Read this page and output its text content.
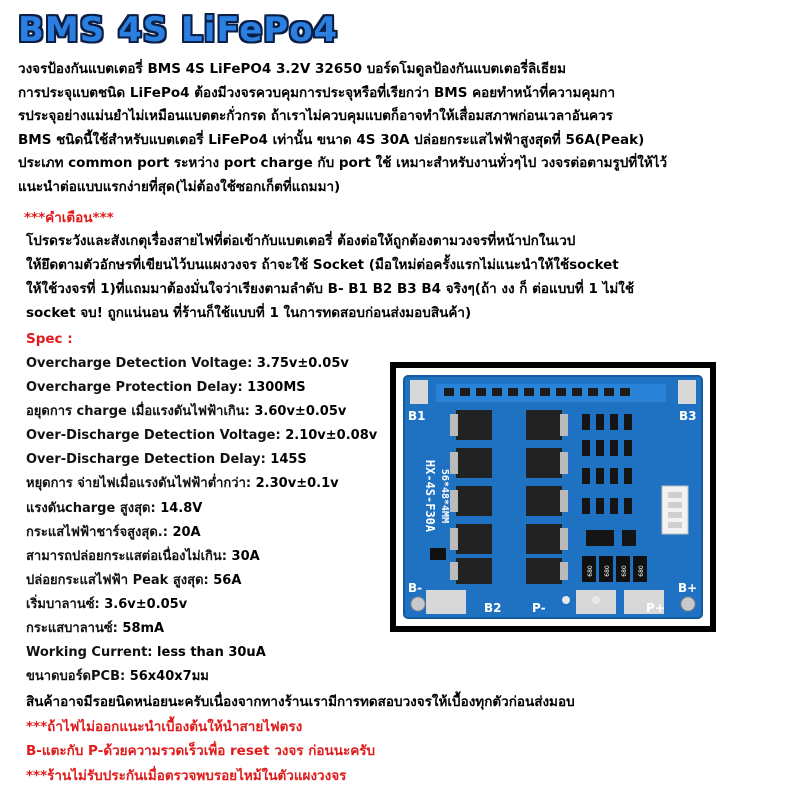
BMS 4S LiFePo4

วงจรป้องกันแบตเตอรี่ BMS 4S LiFePO4 3.2V 32650 บอร์ดโมดูลป้องกันแบตเตอรี่ลิเธียม

การประจุแบตชนิด LiFePo4 ต้องมีวงจรควบคุมการประจุหรือที่เรียกว่า BMS คอยทำหน้าที่ความคุมกา

รประจุอย่างแม่นยำไม่เหมือนแบตตะกั่วกรด ถ้าเราไม่ควบคุมแบตก็อาจทำให้เสื่อมสภาพก่อนเวลาอันควร

BMS ชนิดนี้ใช้สำหรับแบตเตอรี่ LiFePo4 เท่านั้น ขนาด 4S 30A ปล่อยกระแสไฟฟ้าสูงสุดที่ 56A(Peak)

ประเภท common port ระหว่าง port charge กับ port ใช้ เหมาะสำหรับงานทั่วๆไป วงจรต่อตามรูปที่ให้ไว้

แนะนำต่อแบบแรกง่ายที่สุด(ไม่ต้องใช้ซอกเก็ตที่แถมมา)

***คำเตือน***

โปรดระวังและสังเกตุเรื่องสายไฟที่ต่อเข้ากับแบตเตอรี่ ต้องต่อให้ถูกต้องตามวงจรที่หน้าปกในเวป

ให้ยึดตามตัวอักษรที่เขียนไว้บนแผงวงจร ถ้าจะใช้ Socket (มือใหม่ต่อครั้งแรกไม่แนะนำให้ใช้socket

ให้ใช้วงจรที่ 1)ที่แถมมาต้องมั่นใจว่าเรียงตามลำดับ B- B1 B2 B3 B4 จริงๆ(ถ้า งง ก็ ต่อแบบที่ 1 ไม่ใช้

socket จบ! ถูกแน่นอน ที่ร้านก็ใช้แบบที่ 1 ในการทดสอบก่อนส่งมอบสินค้า)

Spec :
Overcharge Detection Voltage: 3.75v±0.05v
Overcharge Protection Delay: 1300MS
อยุดการ charge เมื่อแรงดันไฟฟ้าเกิน: 3.60v±0.05v
Over-Discharge Detection Voltage: 2.10v±0.08v
Over-Discharge Detection Delay: 145S
หยุดการ จ่ายไฟเมื่อแรงดันไฟฟ้าต่ำกว่า: 2.30v±0.1v
แรงดันcharge สูงสุด: 14.8V
กระแสไฟฟ้าชาร์จสูงสุด.: 20A
สามารถปล่อยกระแสต่อเนื่องไม่เกิน: 30A
ปล่อยกระแสไฟฟ้า Peak สูงสุด: 56A
เริ่มบาลานซ์: 3.6v±0.05v
กระแสบาลานซ์: 58mA
Working Current: less than 30uA
ขนาดบอร์ดPCB: 56x40x7มม
680 680 680 680
HX-4S-F30A 56*48*4MM
B1	B3
B-
B2	P-	P+
B+

สินค้าอาจมีรอยนิดหน่อยนะครับเนื่องจากทางร้านเรามีการทดสอบวงจรให้เบื้องทุกตัวก่อนส่งมอบ

***ถ้าไฟไม่ออกแนะนำเบื้องต้นให้นำสายไฟตรง

B-แตะกับ P-ด้วยความรวดเร็วเพื่อ reset วงจร ก่อนนะครับ

***ร้านไม่รับประกันเมื่อตรวจพบรอยไหม้ในตัวแผงวงจร
